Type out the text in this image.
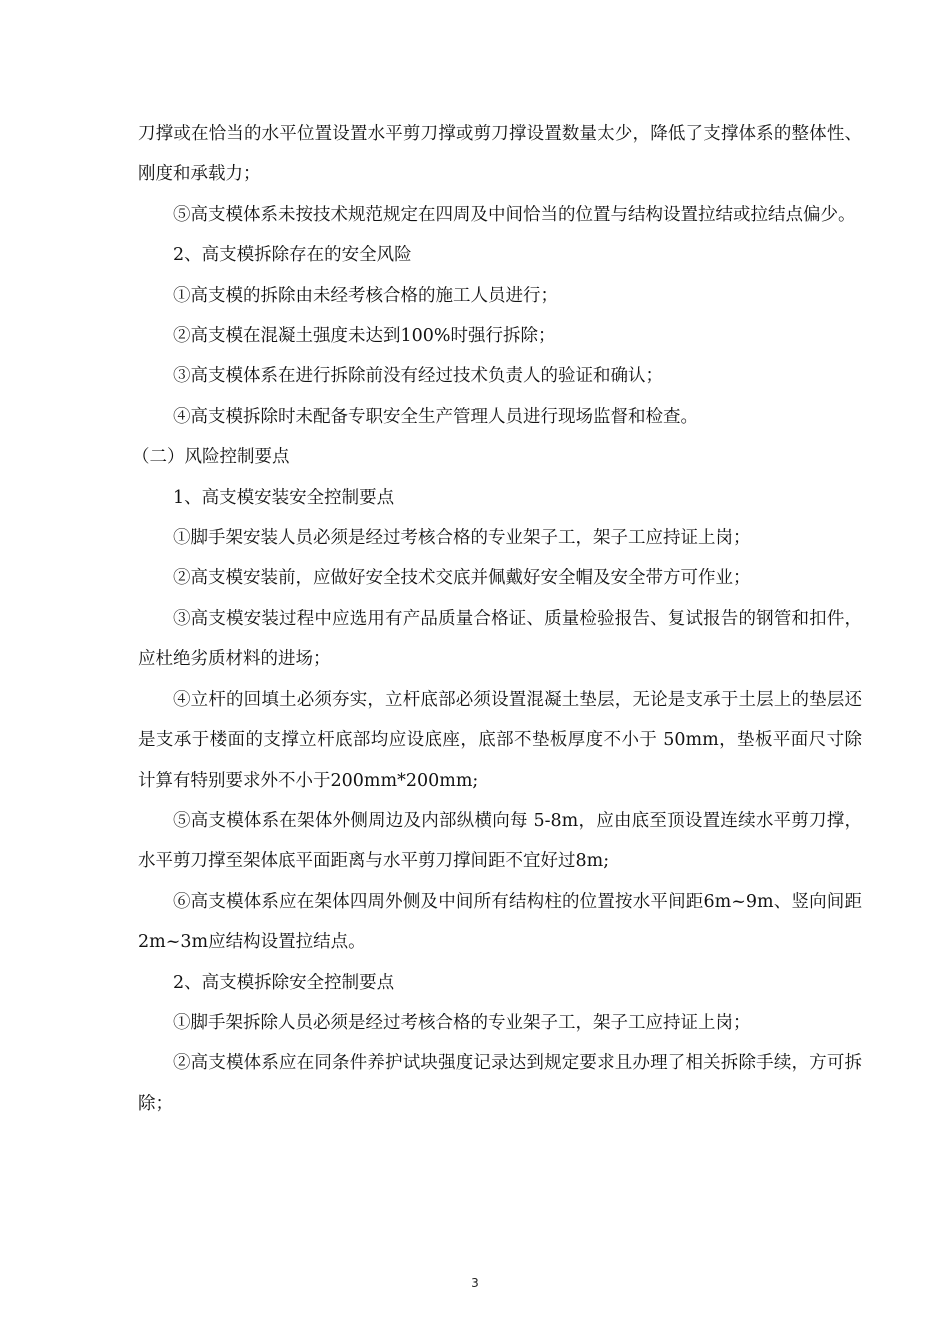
刀撑或在恰当的水平位置设置水平剪刀撑或剪刀撑设置数量太少，降低了支撑体系的整体性、刚度和承载力；

⑤高支模体系未按技术规范规定在四周及中间恰当的位置与结构设置拉结或拉结点偏少。

2、高支模拆除存在的安全风险

①高支模的拆除由未经考核合格的施工人员进行；

②高支模在混凝土强度未达到100%时强行拆除；

③高支模体系在进行拆除前没有经过技术负责人的验证和确认；

④高支模拆除时未配备专职安全生产管理人员进行现场监督和检查。

（二）风险控制要点

1、高支模安装安全控制要点

①脚手架安装人员必须是经过考核合格的专业架子工，架子工应持证上岗；

②高支模安装前，应做好安全技术交底并佩戴好安全帽及安全带方可作业；

③高支模安装过程中应选用有产品质量合格证、质量检验报告、复试报告的钢管和扣件，应杜绝劣质材料的进场；

④立杆的回填土必须夯实，立杆底部必须设置混凝土垫层，无论是支承于土层上的垫层还是支承于楼面的支撑立杆底部均应设底座，底部不垫板厚度不小于 50mm，垫板平面尺寸除计算有特别要求外不小于200mm*200mm;

⑤高支模体系在架体外侧周边及内部纵横向每 5-8m，应由底至顶设置连续水平剪刀撑，水平剪刀撑至架体底平面距离与水平剪刀撑间距不宜好过8m;

⑥高支模体系应在架体四周外侧及中间所有结构柱的位置按水平间距6m~9m、竖向间距 2m~3m应结构设置拉结点。

2、高支模拆除安全控制要点

①脚手架拆除人员必须是经过考核合格的专业架子工，架子工应持证上岗；

②高支模体系应在同条件养护试块强度记录达到规定要求且办理了相关拆除手续，方可拆除；

3
